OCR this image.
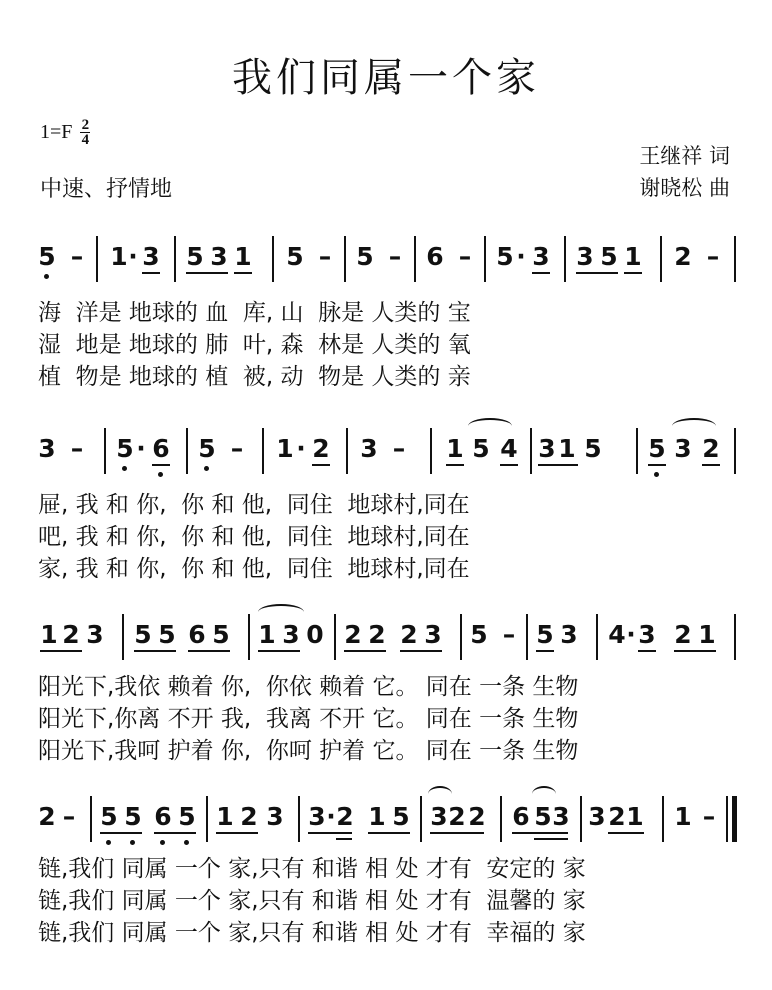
我们同属一个家
1=F 2
4
中速、抒情地
王继祥 词
谢晓松 曲
5 – 1 · 3 5 3 1 5 – 5 – 6 – 5 · 3 3 5 1 2 –
海  洋是 地球的 血  库, 山  脉是 人类的 宝
湿  地是 地球的 肺  叶, 森  林是 人类的 氧
植  物是 地球的 植  被, 动  物是 人类的 亲
3 – 5 · 6 5 – 1 · 2 3 – 1 5 4 3 1 5 5 3 2
屉, 我 和 你,  你 和 他,  同住  地球村,同在
吧, 我 和 你,  你 和 他,  同住  地球村,同在
家, 我 和 你,  你 和 他,  同住  地球村,同在
1 2 3 5 5 6 5 1 3 0 2 2 2 3 5 – 5 3 4 · 3 2 1
阳光下,我依 赖着 你,  你依 赖着 它。 同在 一条 生物
阳光下,你离 不开 我,  我离 不开 它。 同在 一条 生物
阳光下,我呵 护着 你,  你呵 护着 它。 同在 一条 生物
2 – 5 5 6 5 1 2 3 3 · 2 1 5 3 2 2 6 5 3 3 2 1 1 –
链,我们 同属 一个 家,只有 和谐 相 处 才有  安定的 家
链,我们 同属 一个 家,只有 和谐 相 处 才有  温馨的 家
链,我们 同属 一个 家,只有 和谐 相 处 才有  幸福的 家
